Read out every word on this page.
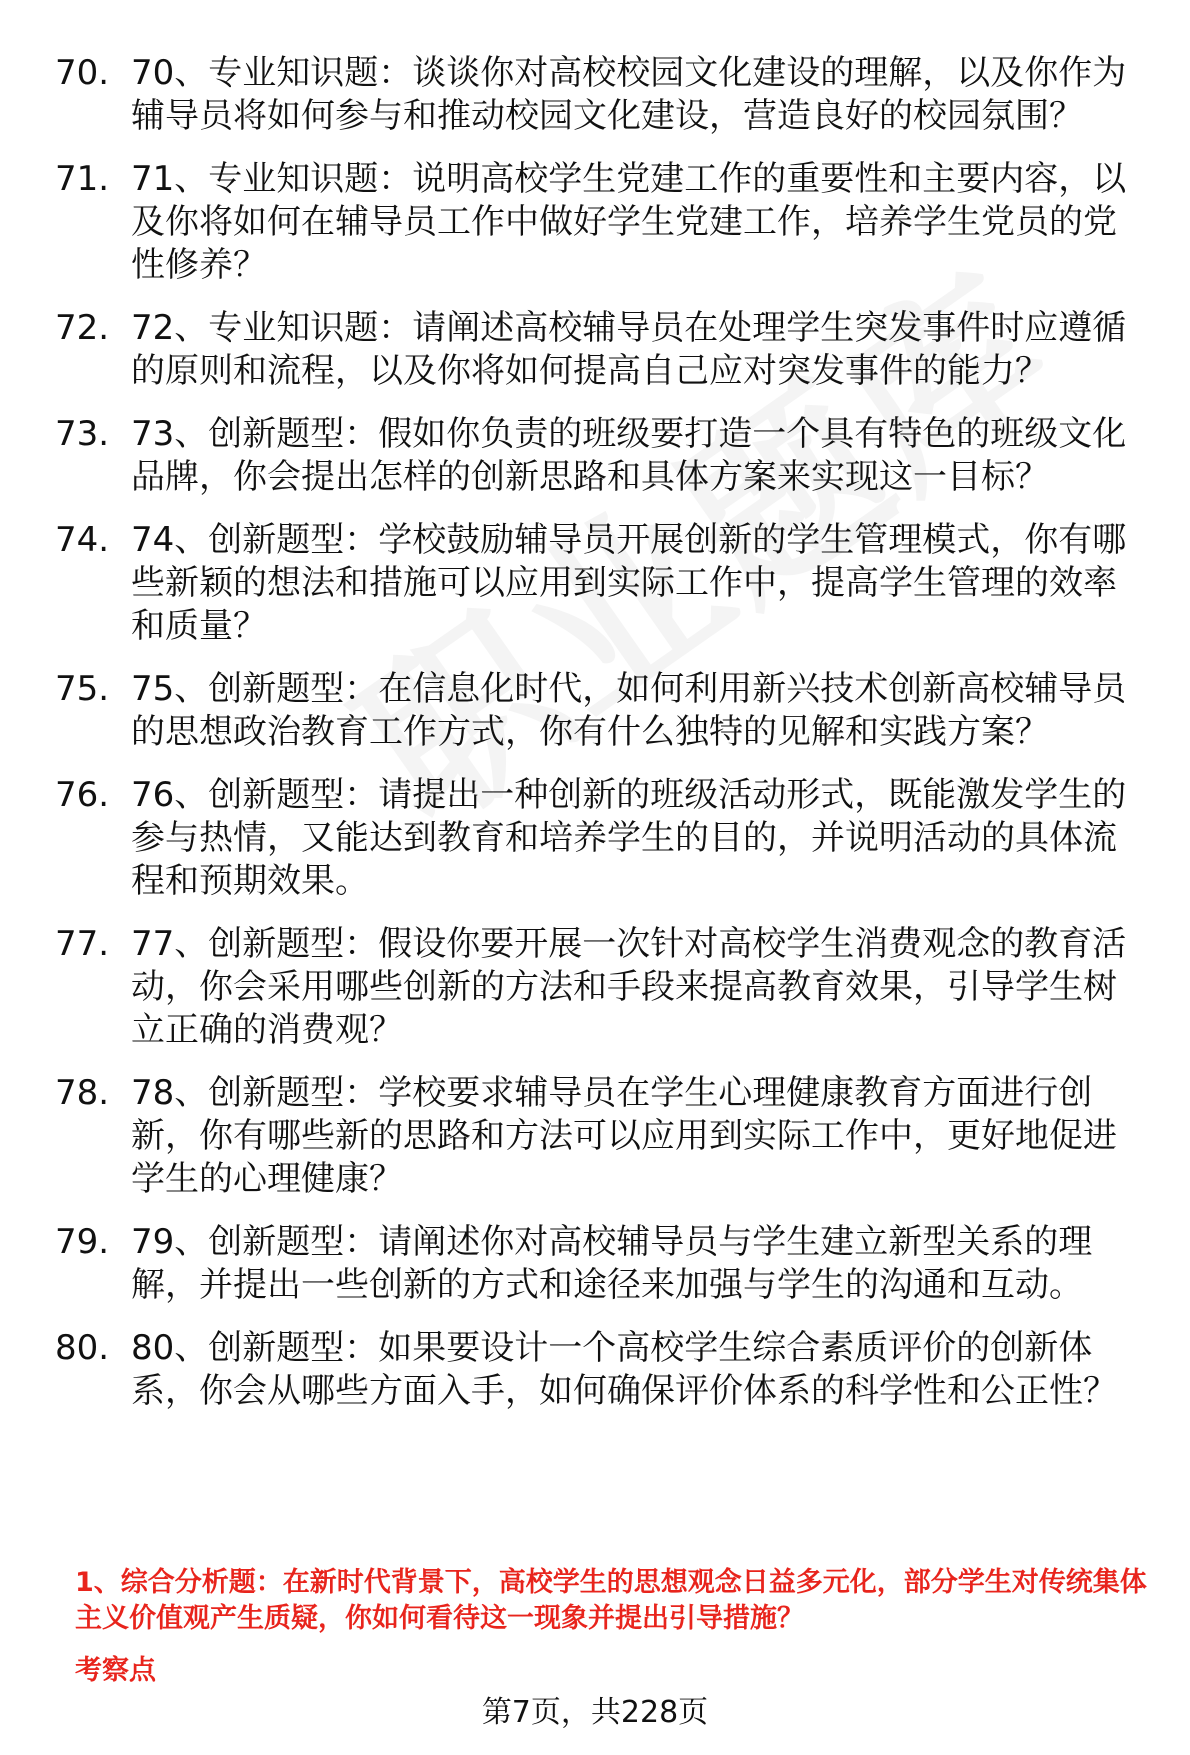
70. 70、专业知识题：谈谈你对高校校园文化建设的理解，以及你作为辅导员将如何参与和推动校园文化建设，营造良好的校园氛围？
71. 71、专业知识题：说明高校学生党建工作的重要性和主要内容，以及你将如何在辅导员工作中做好学生党建工作，培养学生党员的党性修养？
72. 72、专业知识题：请阐述高校辅导员在处理学生突发事件时应遵循的原则和流程，以及你将如何提高自己应对突发事件的能力？
73. 73、创新题型：假如你负责的班级要打造一个具有特色的班级文化品牌，你会提出怎样的创新思路和具体方案来实现这一目标？
74. 74、创新题型：学校鼓励辅导员开展创新的学生管理模式，你有哪些新颖的想法和措施可以应用到实际工作中，提高学生管理的效率和质量？
75. 75、创新题型：在信息化时代，如何利用新兴技术创新高校辅导员的思想政治教育工作方式，你有什么独特的见解和实践方案？
76. 76、创新题型：请提出一种创新的班级活动形式，既能激发学生的参与热情，又能达到教育和培养学生的目的，并说明活动的具体流程和预期效果。
77. 77、创新题型：假设你要开展一次针对高校学生消费观念的教育活动，你会采用哪些创新的方法和手段来提高教育效果，引导学生树立正确的消费观？
78. 78、创新题型：学校要求辅导员在学生心理健康教育方面进行创新，你有哪些新的思路和方法可以应用到实际工作中，更好地促进学生的心理健康？
79. 79、创新题型：请阐述你对高校辅导员与学生建立新型关系的理解，并提出一些创新的方式和途径来加强与学生的沟通和互动。
80. 80、创新题型：如果要设计一个高校学生综合素质评价的创新体系，你会从哪些方面入手，如何确保评价体系的科学性和公正性？

1、综合分析题：在新时代背景下，高校学生的思想观念日益多元化，部分学生对传统集体主义价值观产生质疑，你如何看待这一现象并提出引导措施？

考察点

第7页，共228页
